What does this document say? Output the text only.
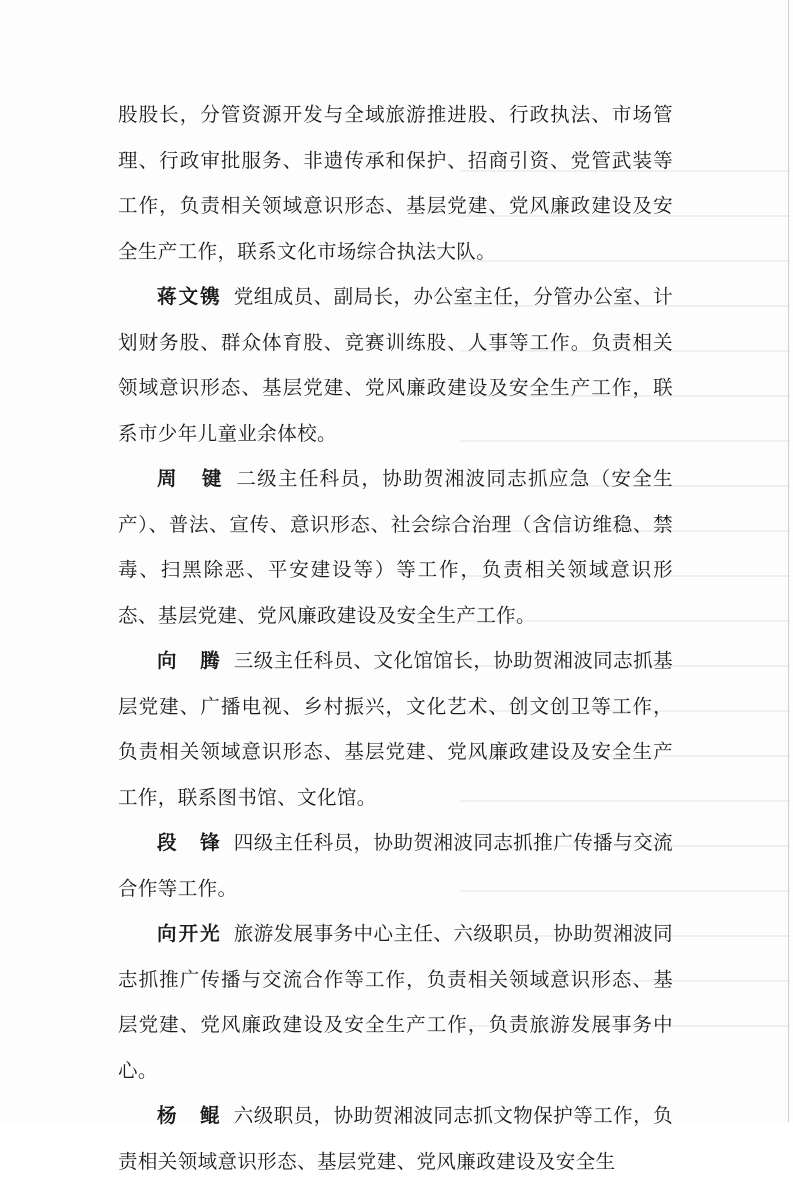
股股长，分管资源开发与全域旅游推进股、行政执法、市场管理、行政审批服务、非遗传承和保护、招商引资、党管武装等工作，负责相关领域意识形态、基层党建、党风廉政建设及安全生产工作，联系文化市场综合执法大队。

蒋文镌 党组成员、副局长，办公室主任，分管办公室、计划财务股、群众体育股、竞赛训练股、人事等工作。负责相关领域意识形态、基层党建、党风廉政建设及安全生产工作，联系市少年儿童业余体校。

周　键 二级主任科员，协助贺湘波同志抓应急（安全生产）、普法、宣传、意识形态、社会综合治理（含信访维稳、禁毒、扫黑除恶、平安建设等）等工作，负责相关领域意识形态、基层党建、党风廉政建设及安全生产工作。

向　腾 三级主任科员、文化馆馆长，协助贺湘波同志抓基层党建、广播电视、乡村振兴，文化艺术、创文创卫等工作，负责相关领域意识形态、基层党建、党风廉政建设及安全生产工作，联系图书馆、文化馆。

段　锋 四级主任科员，协助贺湘波同志抓推广传播与交流合作等工作。

向开光 旅游发展事务中心主任、六级职员，协助贺湘波同志抓推广传播与交流合作等工作，负责相关领域意识形态、基层党建、党风廉政建设及安全生产工作，负责旅游发展事务中心。

杨　鲲 六级职员，协助贺湘波同志抓文物保护等工作，负责相关领域意识形态、基层党建、党风廉政建设及安全生
